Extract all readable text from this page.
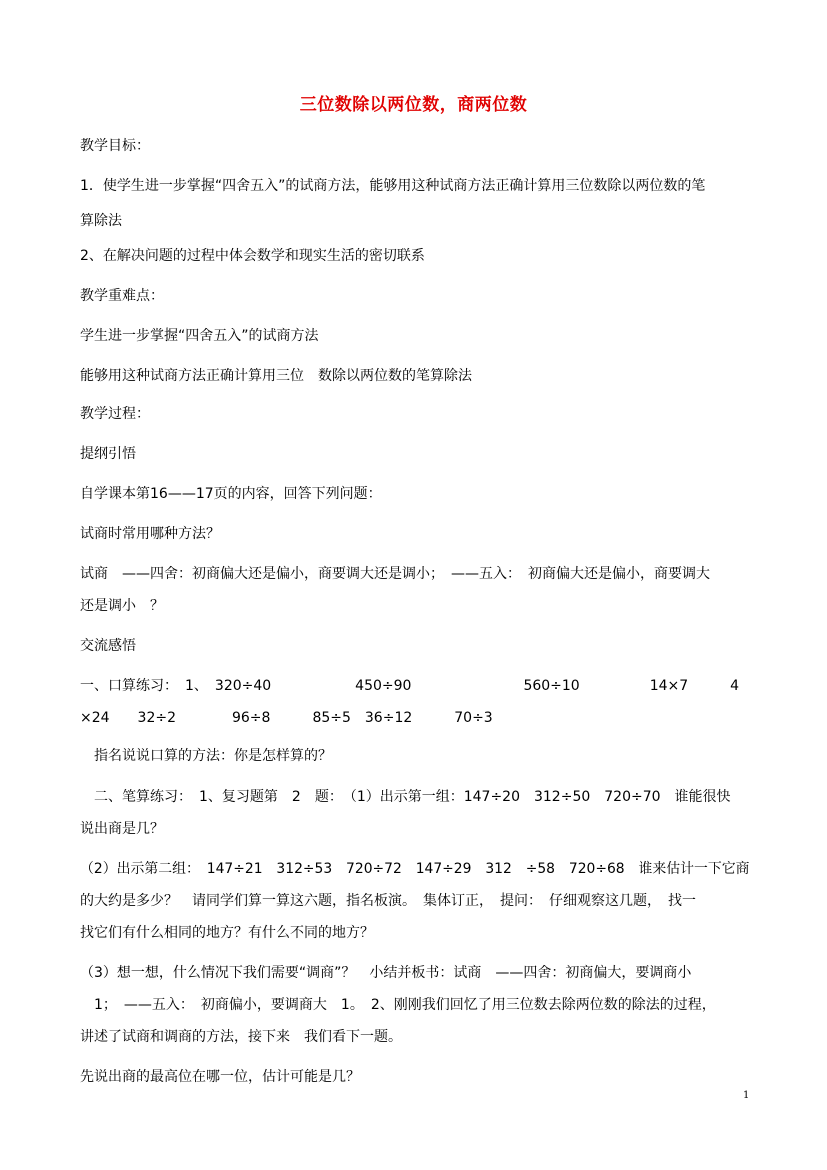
三位数除以两位数，商两位数
教学目标：
1．使学生进一步掌握“四舍五入”的试商方法，能够用这种试商方法正确计算用三位数除以两位数的笔
算除法
2、在解决问题的过程中体会数学和现实生活的密切联系
教学重难点：
学生进一步掌握“四舍五入”的试商方法
能够用这种试商方法正确计算用三位　数除以两位数的笔算除法
教学过程：
提纲引悟
自学课本第16——17页的内容，回答下列问题：
试商时常用哪种方法？
试商　——四舍：初商偏大还是偏小，商要调大还是调小；　——五入：　初商偏大还是偏小，商要调大
还是调小　？
交流感悟
一、口算练习：　1、　320÷40　　　　　　450÷90　　　　　　　　560÷10　　　　　14×7　　　4
×24　　32÷2　　　　96÷8　　　85÷5　36÷12　　　70÷3
　指名说说口算的方法：你是怎样算的？
　二、笔算练习：　1、复习题第　2　题：　（1）出示第一组：147÷20　312÷50　720÷70　谁能很快
说出商是几？
（2）出示第二组：　147÷21　312÷53　720÷72　147÷29　312　÷58　720÷68　谁来估计一下它商
的大约是多少？　请同学们算一算这六题，指名板演。　集体订正，　提问：　仔细观察这几题，　找一
找它们有什么相同的地方？有什么不同的地方？
（3）想一想，什么情况下我们需要“调商”？　小结并板书：试商　——四舍：初商偏大，要调商小
　1；　——五入：　初商偏小，要调商大　1。　2、刚刚我们回忆了用三位数去除两位数的除法的过程，
讲述了试商和调商的方法，接下来　我们看下一题。
先说出商的最高位在哪一位，估计可能是几？
1
